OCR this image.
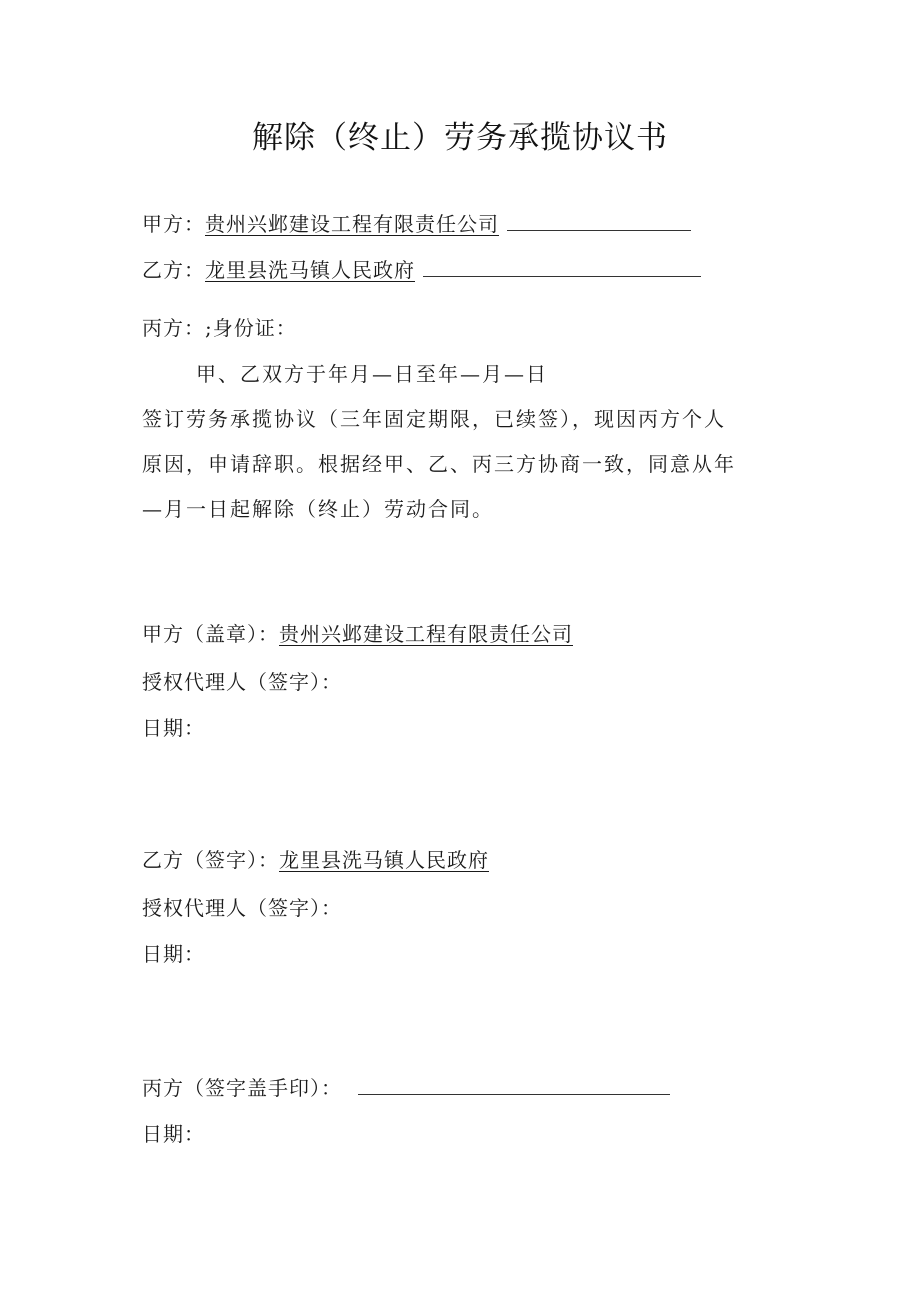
解除（终止）劳务承揽协议书
甲方：贵州兴邺建设工程有限责任公司
乙方：龙里县洗马镇人民政府
丙方：;身份证：
甲、乙双方于年月—日至年—月—日
签订劳务承揽协议（三年固定期限，已续签），现因丙方个人
原因，申请辞职。根据经甲、乙、丙三方协商一致，同意从年
—月一日起解除（终止）劳动合同。
甲方（盖章）：贵州兴邺建设工程有限责任公司
授权代理人（签字）：
日期：
乙方（签字）：龙里县洗马镇人民政府
授权代理人（签字）：
日期：
丙方（签字盖手印）：
日期：
